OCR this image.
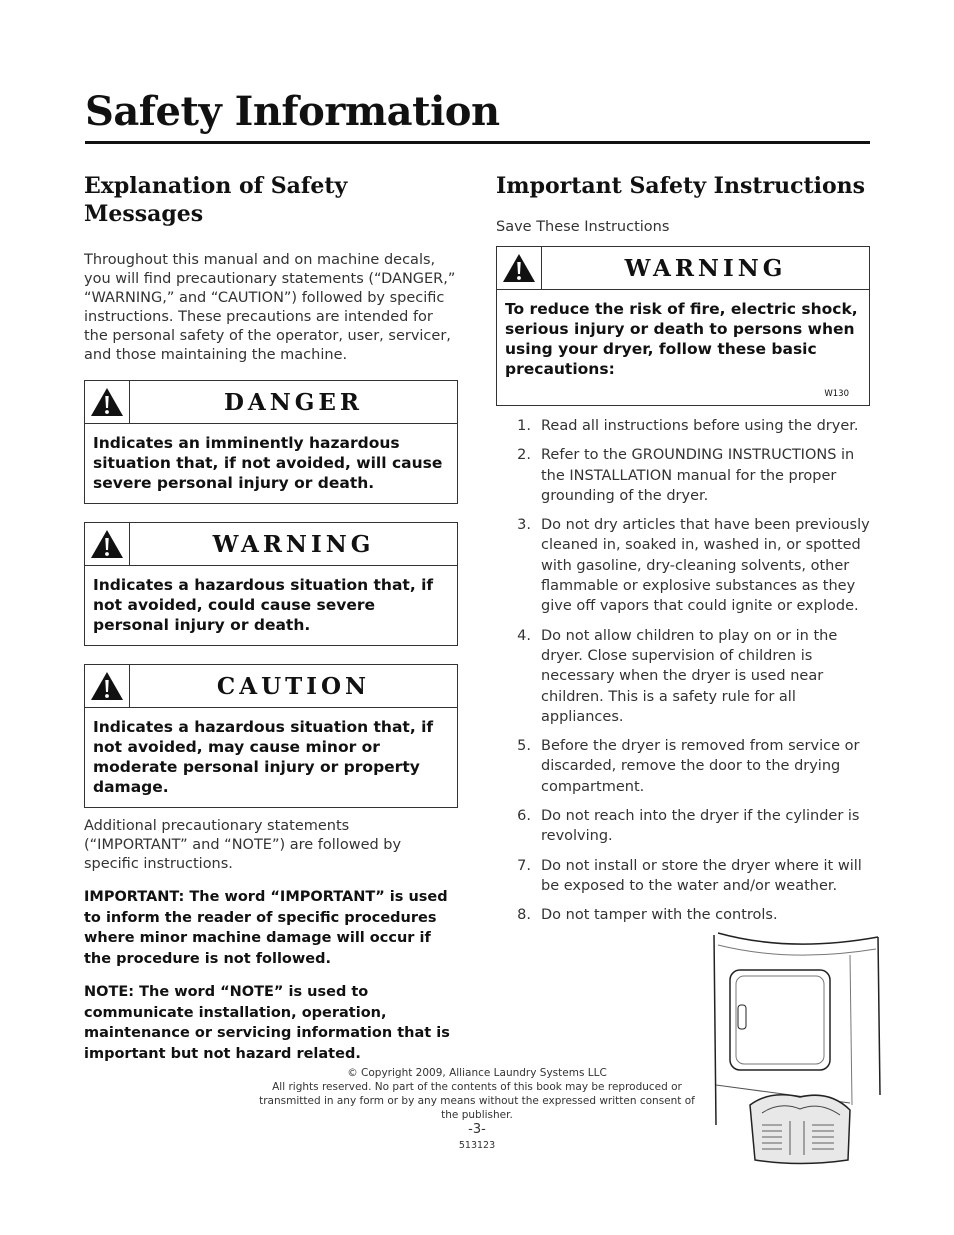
Safety Information
Explanation of Safety Messages

Throughout this manual and on machine decals, you will find precautionary statements (“DANGER,” “WARNING,” and “CAUTION”) followed by specific instructions. These precautions are intended for the personal safety of the operator, user, servicer, and those maintaining the machine.

DANGER
Indicates an imminently hazardous situation that, if not avoided, will cause severe personal injury or death.
WARNING
Indicates a hazardous situation that, if not avoided, could cause severe personal injury or death.
CAUTION
Indicates a hazardous situation that, if not avoided, may cause minor or moderate personal injury or property damage.

Additional precautionary statements (“IMPORTANT” and “NOTE”) are followed by specific instructions.

IMPORTANT: The word “IMPORTANT” is used to inform the reader of specific procedures where minor machine damage will occur if the procedure is not followed.

NOTE: The word “NOTE” is used to communicate installation, operation, maintenance or servicing information that is important but not hazard related.

Important Safety Instructions

Save These Instructions

WARNING
To reduce the risk of fire, electric shock, serious injury or death to persons when using your dryer, follow these basic precautions:
W130
1. Read all instructions before using the dryer.
2. Refer to the GROUNDING INSTRUCTIONS in the INSTALLATION manual for the proper grounding of the dryer.
3. Do not dry articles that have been previously cleaned in, soaked in, washed in, or spotted with gasoline, dry-cleaning solvents, other flammable or explosive substances as they give off vapors that could ignite or explode.
4. Do not allow children to play on or in the dryer. Close supervision of children is necessary when the dryer is used near children. This is a safety rule for all appliances.
5. Before the dryer is removed from service or discarded, remove the door to the drying compartment.
6. Do not reach into the dryer if the cylinder is revolving.
7. Do not install or store the dryer where it will be exposed to the water and/or weather.
8. Do not tamper with the controls.
© Copyright 2009, Alliance Laundry Systems LLC
All rights reserved. No part of the contents of this book may be reproduced or transmitted in any form or by any means without the expressed written consent of the publisher.
-3-
513123
